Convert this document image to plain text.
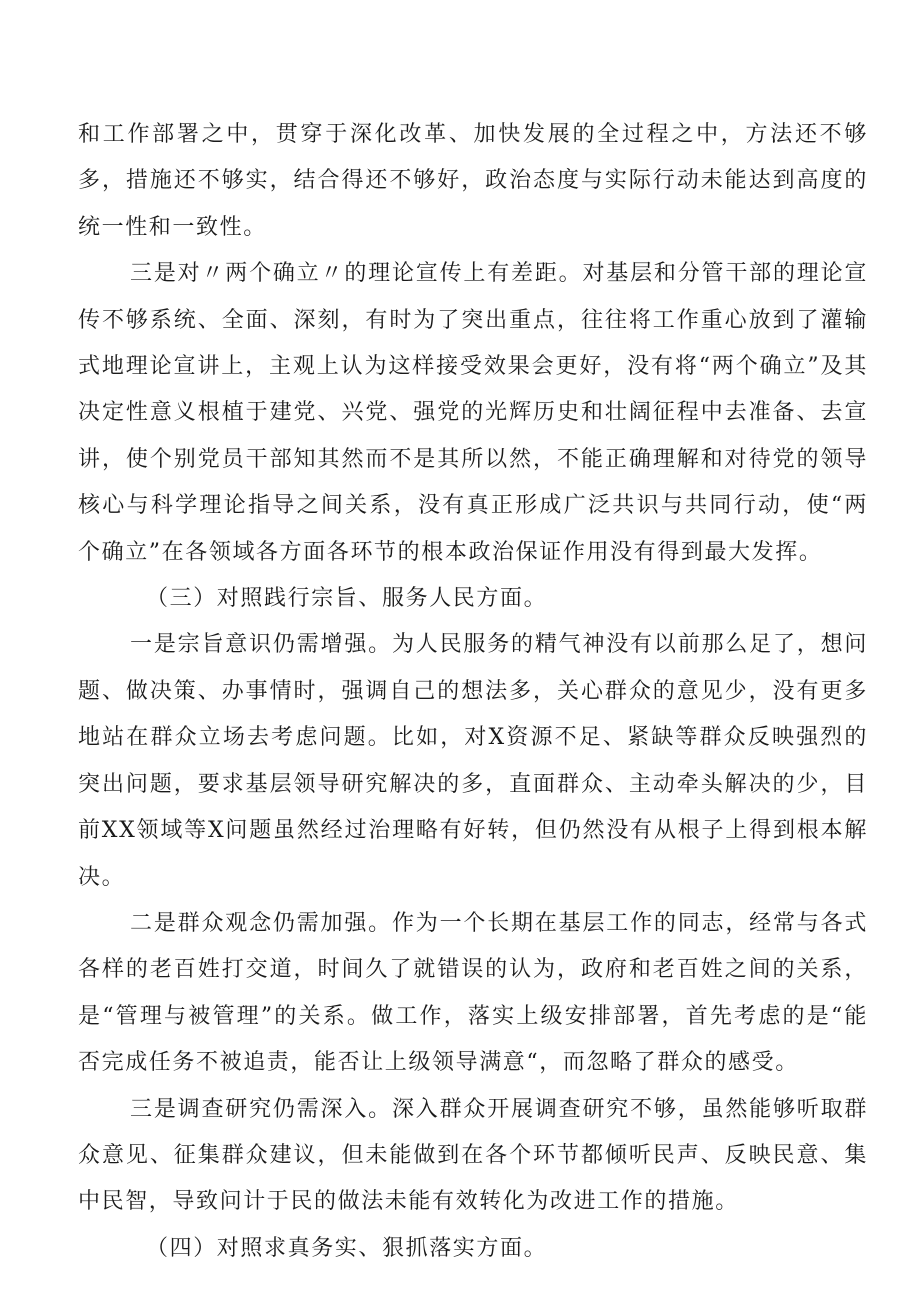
和工作部署之中，贯穿于深化改革、加快发展的全过程之中，方法还不够多，措施还不够实，结合得还不够好，政治态度与实际行动未能达到高度的统一性和一致性。

三是对〃两个确立〃的理论宣传上有差距。对基层和分管干部的理论宣传不够系统、全面、深刻，有时为了突出重点，往往将工作重心放到了灌输式地理论宣讲上，主观上认为这样接受效果会更好，没有将“两个确立”及其决定性意义根植于建党、兴党、强党的光辉历史和壮阔征程中去准备、去宣讲，使个别党员干部知其然而不是其所以然，不能正确理解和对待党的领导核心与科学理论指导之间关系，没有真正形成广泛共识与共同行动，使“两个确立”在各领域各方面各环节的根本政治保证作用没有得到最大发挥。

（三）对照践行宗旨、服务人民方面。

一是宗旨意识仍需增强。为人民服务的精气神没有以前那么足了，想问题、做决策、办事情时，强调自己的想法多，关心群众的意见少，没有更多地站在群众立场去考虑问题。比如，对X资源不足、紧缺等群众反映强烈的突出问题，要求基层领导研究解决的多，直面群众、主动牵头解决的少，目前XX领域等X问题虽然经过治理略有好转，但仍然没有从根子上得到根本解决。

二是群众观念仍需加强。作为一个长期在基层工作的同志，经常与各式各样的老百姓打交道，时间久了就错误的认为，政府和老百姓之间的关系，是“管理与被管理”的关系。做工作，落实上级安排部署，首先考虑的是“能否完成任务不被追责，能否让上级领导满意“，而忽略了群众的感受。

三是调查研究仍需深入。深入群众开展调查研究不够，虽然能够听取群众意见、征集群众建议，但未能做到在各个环节都倾听民声、反映民意、集中民智，导致问计于民的做法未能有效转化为改进工作的措施。

（四）对照求真务实、狠抓落实方面。
